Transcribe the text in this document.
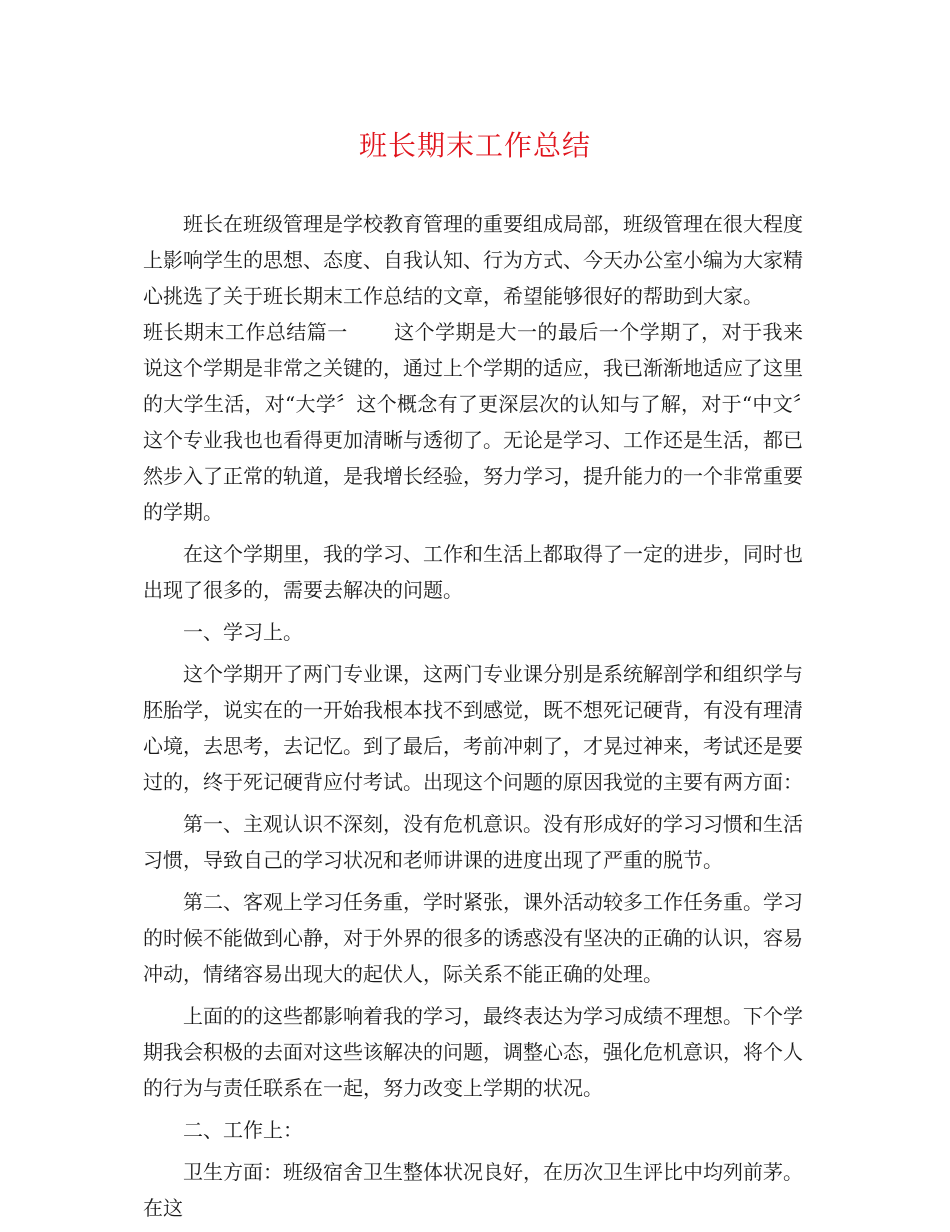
班长期末工作总结

班长在班级管理是学校教育管理的重要组成局部，班级管理在很大程度上影响学生的思想、态度、自我认知、行为方式、今天办公室小编为大家精心挑选了关于班长期末工作总结的文章，希望能够很好的帮助到大家。

班长期末工作总结篇一 这个学期是大一的最后一个学期了，对于我来说这个学期是非常之关键的，通过上个学期的适应，我已渐渐地适应了这里的大学生活，对“大学〞这个概念有了更深层次的认知与了解，对于“中文〞这个专业我也也看得更加清晰与透彻了。无论是学习、工作还是生活，都已然步入了正常的轨道，是我增长经验，努力学习，提升能力的一个非常重要的学期。

在这个学期里，我的学习、工作和生活上都取得了一定的进步，同时也出现了很多的，需要去解决的问题。

一、学习上。

这个学期开了两门专业课，这两门专业课分别是系统解剖学和组织学与胚胎学，说实在的一开始我根本找不到感觉，既不想死记硬背，有没有理清心境，去思考，去记忆。到了最后，考前冲刺了，才晃过神来，考试还是要过的，终于死记硬背应付考试。出现这个问题的原因我觉的主要有两方面：

第一、主观认识不深刻，没有危机意识。没有形成好的学习习惯和生活习惯，导致自己的学习状况和老师讲课的进度出现了严重的脱节。

第二、客观上学习任务重，学时紧张，课外活动较多工作任务重。学习的时候不能做到心静，对于外界的很多的诱惑没有坚决的正确的认识，容易冲动，情绪容易出现大的起伏人，际关系不能正确的处理。

上面的的这些都影响着我的学习，最终表达为学习成绩不理想。下个学期我会积极的去面对这些该解决的问题，调整心态，强化危机意识，将个人的行为与责任联系在一起，努力改变上学期的状况。

二、工作上：

卫生方面：班级宿舍卫生整体状况良好，在历次卫生评比中均列前茅。在这
